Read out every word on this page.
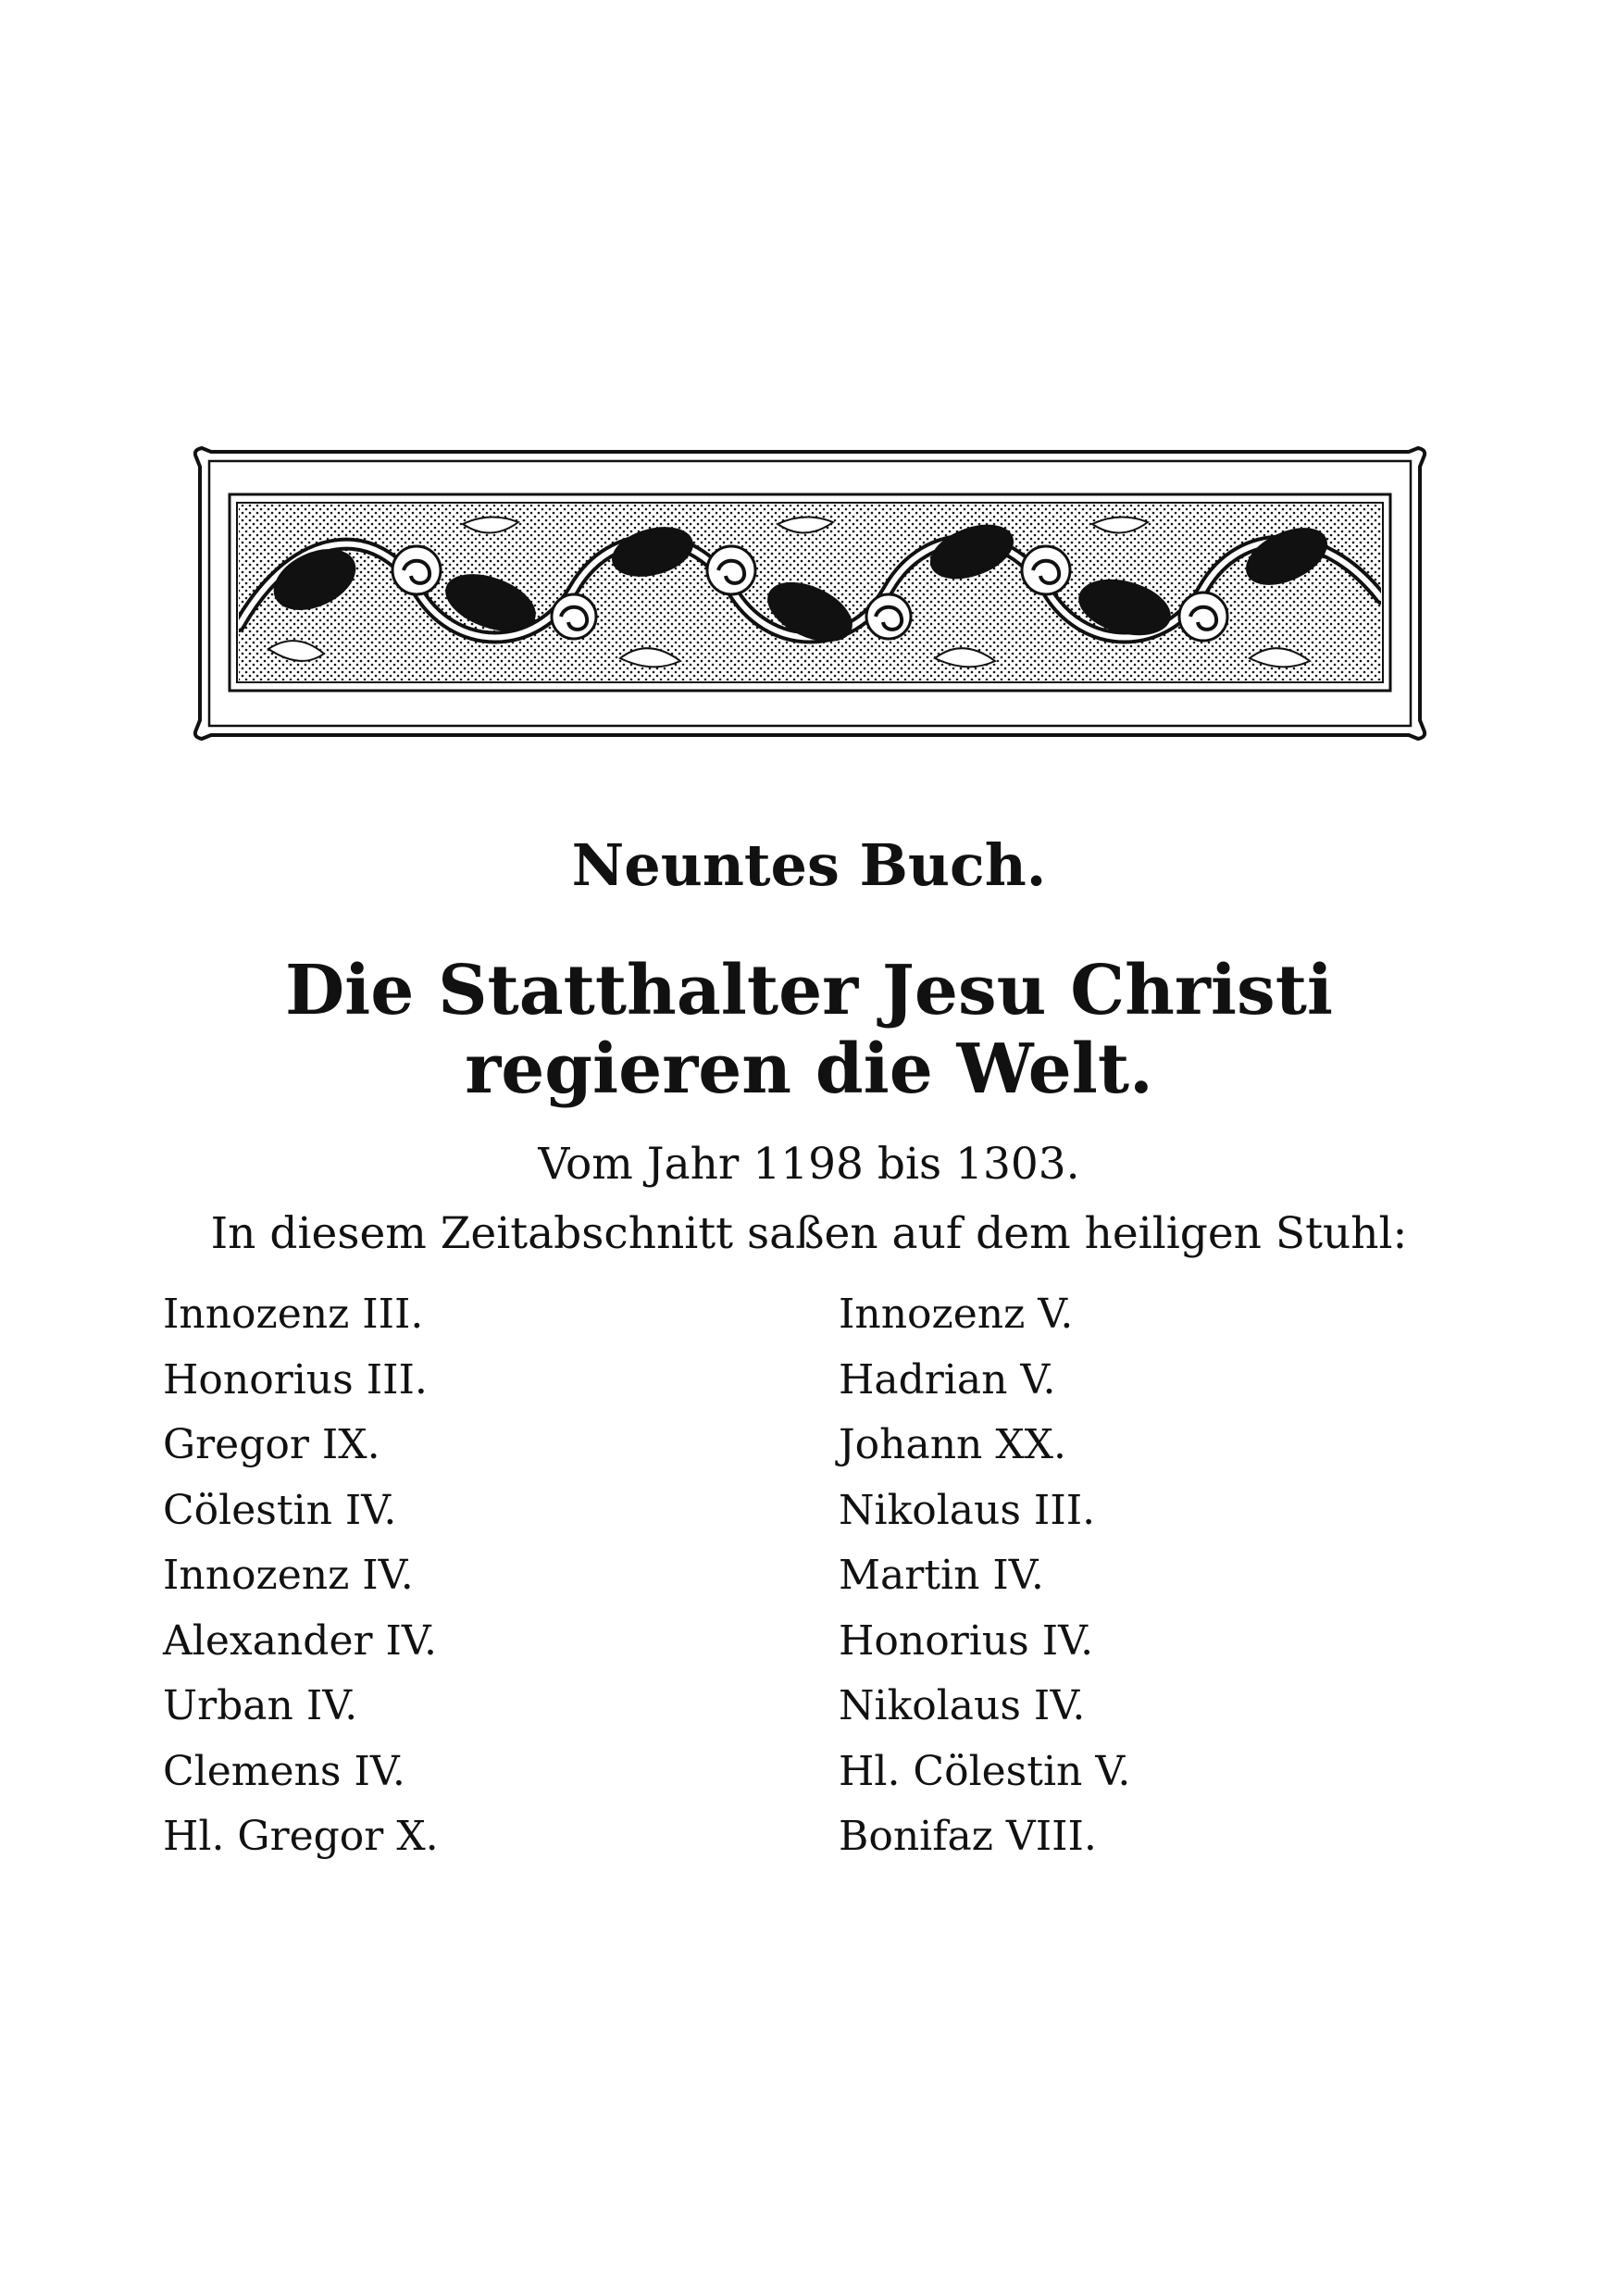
Neuntes Buch.
Die Statthalter Jesu Christi
regieren die Welt.

Vom Jahr 1198 bis 1303.

In diesem Zeitabschnitt saßen auf dem heiligen Stuhl:

Innozenz III.
Honorius III.
Gregor IX.
Cölestin IV.
Innozenz IV.
Alexander IV.
Urban IV.
Clemens IV.
Hl. Gregor X.
Innozenz V.
Hadrian V.
Johann XX.
Nikolaus III.
Martin IV.
Honorius IV.
Nikolaus IV.
Hl. Cölestin V.
Bonifaz VIII.
